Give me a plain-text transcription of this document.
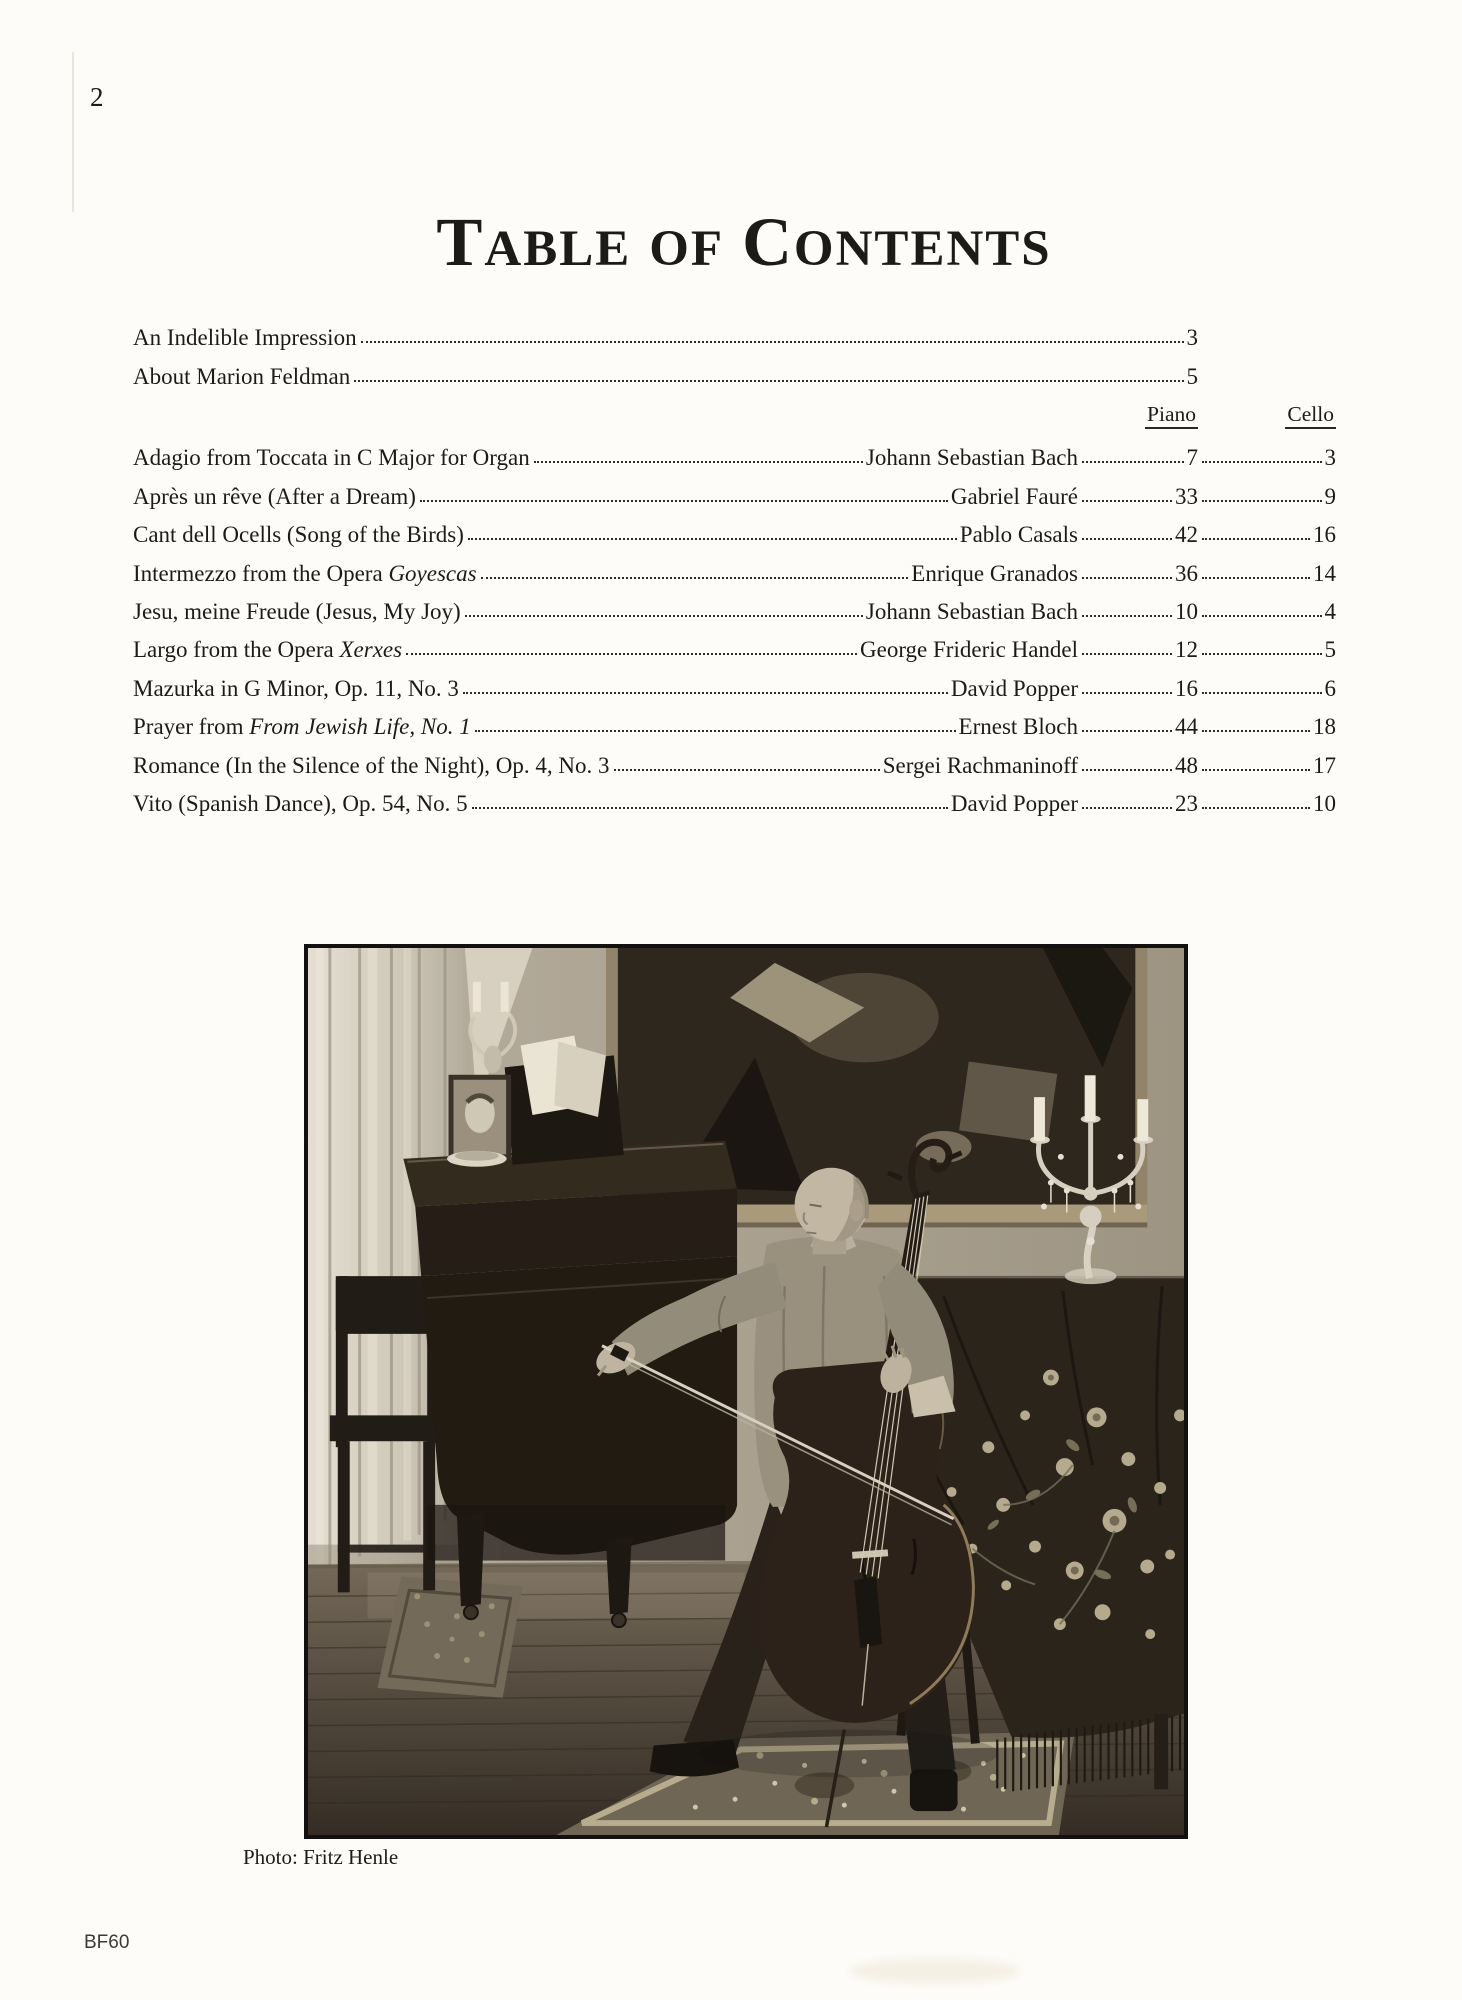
2
TABLE OF CONTENTS
An Indelible Impression	3
About Marion Feldman	5
Piano	Cello
Adagio from Toccata in C Major for Organ	Johann Sebastian Bach	7	3
Après un rêve (After a Dream)	Gabriel Fauré	33	9
Cant dell Ocells (Song of the Birds)	Pablo Casals	42	16
Intermezzo from the Opera Goyescas	Enrique Granados	36	14
Jesu, meine Freude (Jesus, My Joy)	Johann Sebastian Bach	10	4
Largo from the Opera Xerxes	George Frideric Handel	12	5
Mazurka in G Minor, Op. 11, No. 3	David Popper	16	6
Prayer from From Jewish Life, No. 1	Ernest Bloch	44	18
Romance (In the Silence of the Night), Op. 4, No. 3	Sergei Rachmaninoff	48	17
Vito (Spanish Dance), Op. 54, No. 5	David Popper	23	10
Photo: Fritz Henle
BF60
